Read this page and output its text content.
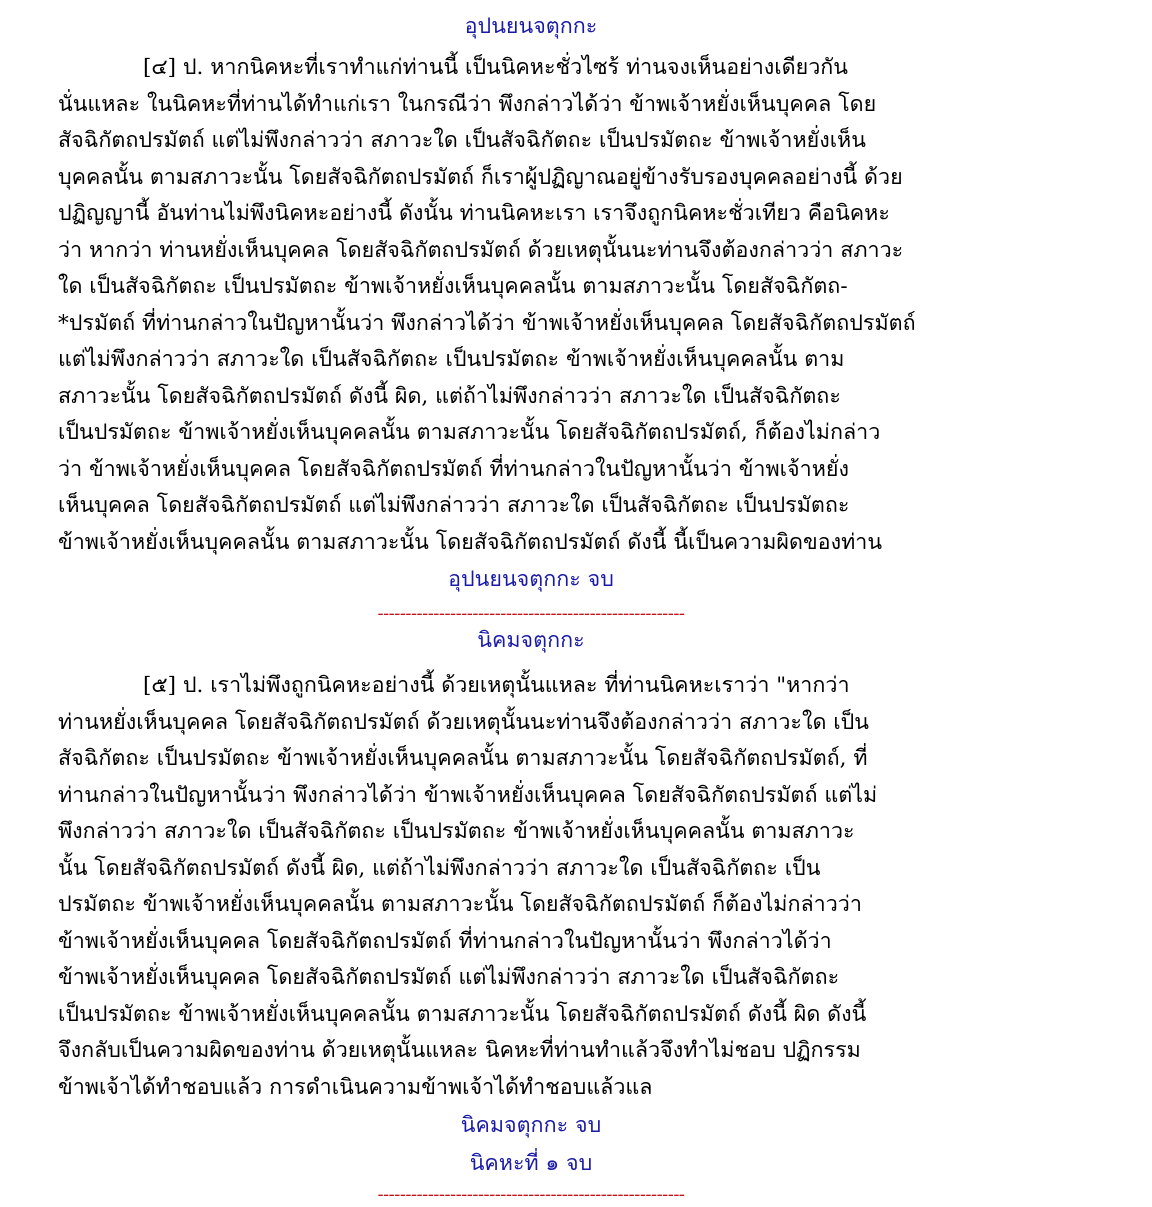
อุปนยนจตุกกะ
[๔] ป. หากนิคหะที่เราทำแก่ท่านนี้ เป็นนิคหะชั่วไซร้ ท่านจงเห็นอย่างเดียวกัน
นั่นแหละ ในนิคหะที่ท่านได้ทำแก่เรา ในกรณีว่า พึงกล่าวได้ว่า ข้าพเจ้าหยั่งเห็นบุคคล โดย
สัจฉิกัตถปรมัตถ์ แต่ไม่พึงกล่าวว่า สภาวะใด เป็นสัจฉิกัตถะ เป็นปรมัตถะ ข้าพเจ้าหยั่งเห็น
บุคคลนั้น ตามสภาวะนั้น โดยสัจฉิกัตถปรมัตถ์ ก็เราผู้ปฏิญาณอยู่ข้างรับรองบุคคลอย่างนี้ ด้วย
ปฏิญญานี้ อันท่านไม่พึงนิคหะอย่างนี้ ดังนั้น ท่านนิคหะเรา เราจึงถูกนิคหะชั่วเทียว คือนิคหะ
ว่า หากว่า ท่านหยั่งเห็นบุคคล โดยสัจฉิกัตถปรมัตถ์ ด้วยเหตุนั้นนะท่านจึงต้องกล่าวว่า สภาวะ
ใด เป็นสัจฉิกัตถะ เป็นปรมัตถะ ข้าพเจ้าหยั่งเห็นบุคคลนั้น ตามสภาวะนั้น โดยสัจฉิกัตถ-
*ปรมัตถ์ ที่ท่านกล่าวในปัญหานั้นว่า พึงกล่าวได้ว่า ข้าพเจ้าหยั่งเห็นบุคคล โดยสัจฉิกัตถปรมัตถ์
แต่ไม่พึงกล่าวว่า สภาวะใด เป็นสัจฉิกัตถะ เป็นปรมัตถะ ข้าพเจ้าหยั่งเห็นบุคคลนั้น ตาม
สภาวะนั้น โดยสัจฉิกัตถปรมัตถ์ ดังนี้ ผิด, แต่ถ้าไม่พึงกล่าวว่า สภาวะใด เป็นสัจฉิกัตถะ
เป็นปรมัตถะ ข้าพเจ้าหยั่งเห็นบุคคลนั้น ตามสภาวะนั้น โดยสัจฉิกัตถปรมัตถ์, ก็ต้องไม่กล่าว
ว่า ข้าพเจ้าหยั่งเห็นบุคคล โดยสัจฉิกัตถปรมัตถ์ ที่ท่านกล่าวในปัญหานั้นว่า ข้าพเจ้าหยั่ง
เห็นบุคคล โดยสัจฉิกัตถปรมัตถ์ แต่ไม่พึงกล่าวว่า สภาวะใด เป็นสัจฉิกัตถะ เป็นปรมัตถะ
ข้าพเจ้าหยั่งเห็นบุคคลนั้น ตามสภาวะนั้น โดยสัจฉิกัตถปรมัตถ์ ดังนี้ นี้เป็นความผิดของท่าน
อุปนยนจตุกกะ จบ
-------------------------------------------------------
นิคมจตุกกะ
[๕] ป. เราไม่พึงถูกนิคหะอย่างนี้ ด้วยเหตุนั้นแหละ ที่ท่านนิคหะเราว่า "หากว่า
ท่านหยั่งเห็นบุคคล โดยสัจฉิกัตถปรมัตถ์ ด้วยเหตุนั้นนะท่านจึงต้องกล่าวว่า สภาวะใด เป็น
สัจฉิกัตถะ เป็นปรมัตถะ ข้าพเจ้าหยั่งเห็นบุคคลนั้น ตามสภาวะนั้น โดยสัจฉิกัตถปรมัตถ์, ที่
ท่านกล่าวในปัญหานั้นว่า พึงกล่าวได้ว่า ข้าพเจ้าหยั่งเห็นบุคคล โดยสัจฉิกัตถปรมัตถ์ แต่ไม่
พึงกล่าวว่า สภาวะใด เป็นสัจฉิกัตถะ เป็นปรมัตถะ ข้าพเจ้าหยั่งเห็นบุคคลนั้น ตามสภาวะ
นั้น โดยสัจฉิกัตถปรมัตถ์ ดังนี้ ผิด, แต่ถ้าไม่พึงกล่าวว่า สภาวะใด เป็นสัจฉิกัตถะ เป็น
ปรมัตถะ ข้าพเจ้าหยั่งเห็นบุคคลนั้น ตามสภาวะนั้น โดยสัจฉิกัตถปรมัตถ์ ก็ต้องไม่กล่าวว่า
ข้าพเจ้าหยั่งเห็นบุคคล โดยสัจฉิกัตถปรมัตถ์ ที่ท่านกล่าวในปัญหานั้นว่า พึงกล่าวได้ว่า
ข้าพเจ้าหยั่งเห็นบุคคล โดยสัจฉิกัตถปรมัตถ์ แต่ไม่พึงกล่าวว่า สภาวะใด เป็นสัจฉิกัตถะ
เป็นปรมัตถะ ข้าพเจ้าหยั่งเห็นบุคคลนั้น ตามสภาวะนั้น โดยสัจฉิกัตถปรมัตถ์ ดังนี้ ผิด ดังนี้
จึงกลับเป็นความผิดของท่าน ด้วยเหตุนั้นแหละ นิคหะที่ท่านทำแล้วจึงทำไม่ชอบ ปฏิกรรม
ข้าพเจ้าได้ทำชอบแล้ว การดำเนินความข้าพเจ้าได้ทำชอบแล้วแล
นิคมจตุกกะ จบ
นิคหะที่ ๑ จบ
-------------------------------------------------------
